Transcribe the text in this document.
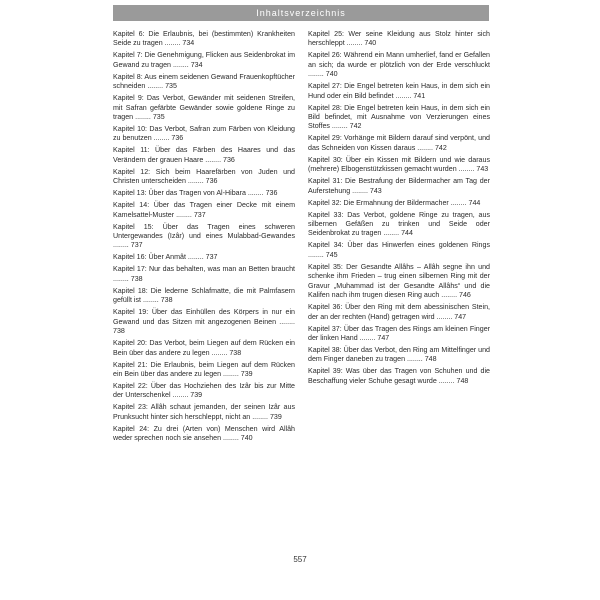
Inhaltsverzeichnis
Kapitel 6: Die Erlaubnis, bei (bestimmten) Krankheiten Seide zu tragen ........ 734
Kapitel 7: Die Genehmigung, Flicken aus Seidenbrokat im Gewand zu tragen ........ 734
Kapitel 8: Aus einem seidenen Gewand Frauenkopftücher schneiden ........ 735
Kapitel 9: Das Verbot, Gewänder mit seidenen Streifen, mit Safran gefärbte Gewänder sowie goldene Ringe zu tragen ........ 735
Kapitel 10: Das Verbot, Safran zum Färben von Kleidung zu benutzen ........ 736
Kapitel 11: Über das Färben des Haares und das Verändern der grauen Haare ........ 736
Kapitel 12: Sich beim Haarefärben von Juden und Christen unterscheiden ........ 736
Kapitel 13: Über das Tragen von Al-Hibara ........ 736
Kapitel 14: Über das Tragen einer Decke mit einem Kamelsattel-Muster ........ 737
Kapitel 15: Über das Tragen eines schweren Untergewandes (Izâr) und eines Mulabbad-Gewandes ........ 737
Kapitel 16: Über Anmât ........ 737
Kapitel 17: Nur das behalten, was man an Betten braucht ........ 738
Kapitel 18: Die lederne Schlafmatte, die mit Palmfasern gefüllt ist ........ 738
Kapitel 19: Über das Einhüllen des Körpers in nur ein Gewand und das Sitzen mit angezogenen Beinen ........ 738
Kapitel 20: Das Verbot, beim Liegen auf dem Rücken ein Bein über das andere zu legen ........ 738
Kapitel 21: Die Erlaubnis, beim Liegen auf dem Rücken ein Bein über das andere zu legen ........ 739
Kapitel 22: Über das Hochziehen des Izâr bis zur Mitte der Unterschenkel ........ 739
Kapitel 23: Allâh schaut jemanden, der seinen Izâr aus Prunksucht hinter sich herschleppt, nicht an ........ 739
Kapitel 24: Zu drei (Arten von) Menschen wird Allâh weder sprechen noch sie ansehen ........ 740
Kapitel 25: Wer seine Kleidung aus Stolz hinter sich herschleppt ........ 740
Kapitel 26: Während ein Mann umherlief, fand er Gefallen an sich; da wurde er plötzlich von der Erde verschluckt ........ 740
Kapitel 27: Die Engel betreten kein Haus, in dem sich ein Hund oder ein Bild befindet ........ 741
Kapitel 28: Die Engel betreten kein Haus, in dem sich ein Bild befindet, mit Ausnahme von Verzierungen eines Stoffes ........ 742
Kapitel 29: Vorhänge mit Bildern darauf sind verpönt, und das Schneiden von Kissen daraus ........ 742
Kapitel 30: Über ein Kissen mit Bildern und wie daraus (mehrere) Elbogenstützkissen gemacht wurden ........ 743
Kapitel 31: Die Bestrafung der Bildermacher am Tag der Auferstehung ........ 743
Kapitel 32: Die Ermahnung der Bildermacher ........ 744
Kapitel 33: Das Verbot, goldene Ringe zu tragen, aus silbernen Gefäßen zu trinken und Seide oder Seidenbrokat zu tragen ........ 744
Kapitel 34: Über das Hinwerfen eines goldenen Rings ........ 745
Kapitel 35: Der Gesandte Allâhs – Allâh segne ihn und schenke ihm Frieden – trug einen silbernen Ring mit der Gravur „Muhammad ist der Gesandte Allâhs“ und die Kalifen nach ihm trugen diesen Ring auch ........ 746
Kapitel 36: Über den Ring mit dem abessinischen Stein, der an der rechten (Hand) getragen wird ........ 747
Kapitel 37: Über das Tragen des Rings am kleinen Finger der linken Hand ........ 747
Kapitel 38: Über das Verbot, den Ring am Mittelfinger und dem Finger daneben zu tragen ........ 748
Kapitel 39: Was über das Tragen von Schuhen und die Beschaffung vieler Schuhe gesagt wurde ........ 748
557
